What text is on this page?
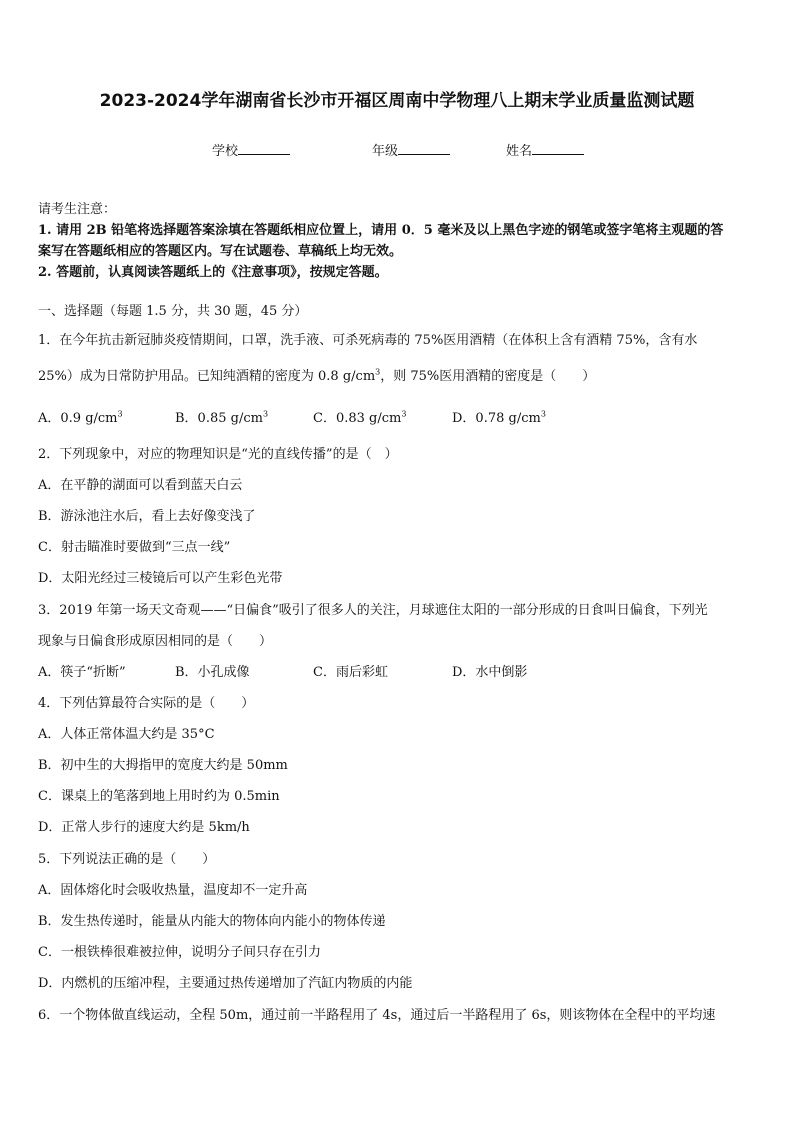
2023-2024学年湖南省长沙市开福区周南中学物理八上期末学业质量监测试题
学校	年级	姓名
请考生注意：
1. 请用 2B 铅笔将选择题答案涂填在答题纸相应位置上，请用 0．5 毫米及以上黑色字迹的钢笔或签字笔将主观题的答
案写在答题纸相应的答题区内。写在试题卷、草稿纸上均无效。
2. 答题前，认真阅读答题纸上的《注意事项》，按规定答题。
一、选择题（每题 1.5 分，共 30 题，45 分）
1．在今年抗击新冠肺炎疫情期间，口罩，洗手液、可杀死病毒的 75%医用酒精（在体积上含有酒精 75%，含有水
25%）成为日常防护用品。已知纯酒精的密度为 0.8 $g/cm^3$，则 75%医用酒精的密度是（　　）
A．0.9 $g/cm^3$	B．0.85 $g/cm^3$	C．0.83 $g/cm^3$	D．0.78 $g/cm^3$
2．下列现象中，对应的物理知识是“光的直线传播”的是（　）
A．在平静的湖面可以看到蓝天白云
B．游泳池注水后，看上去好像变浅了
C．射击瞄准时要做到“三点一线”
D．太阳光经过三棱镜后可以产生彩色光带
3．2019 年第一场天文奇观——“日偏食”吸引了很多人的关注，月球遮住太阳的一部分形成的日食叫日偏食，下列光
现象与日偏食形成原因相同的是（　　）
A．筷子“折断”	B．小孔成像	C．雨后彩虹	D．水中倒影
4．下列估算最符合实际的是（　　）
A．人体正常体温大约是 35°C
B．初中生的大拇指甲的宽度大约是 50mm
C．课桌上的笔落到地上用时约为 0.5min
D．正常人步行的速度大约是 5km/h
5．下列说法正确的是（　　）
A．固体熔化时会吸收热量，温度却不一定升高
B．发生热传递时，能量从内能大的物体向内能小的物体传递
C．一根铁棒很难被拉伸，说明分子间只存在引力
D．内燃机的压缩冲程，主要通过热传递增加了汽缸内物质的内能
6．一个物体做直线运动，全程 50m，通过前一半路程用了 4s，通过后一半路程用了 6s，则该物体在全程中的平均速
